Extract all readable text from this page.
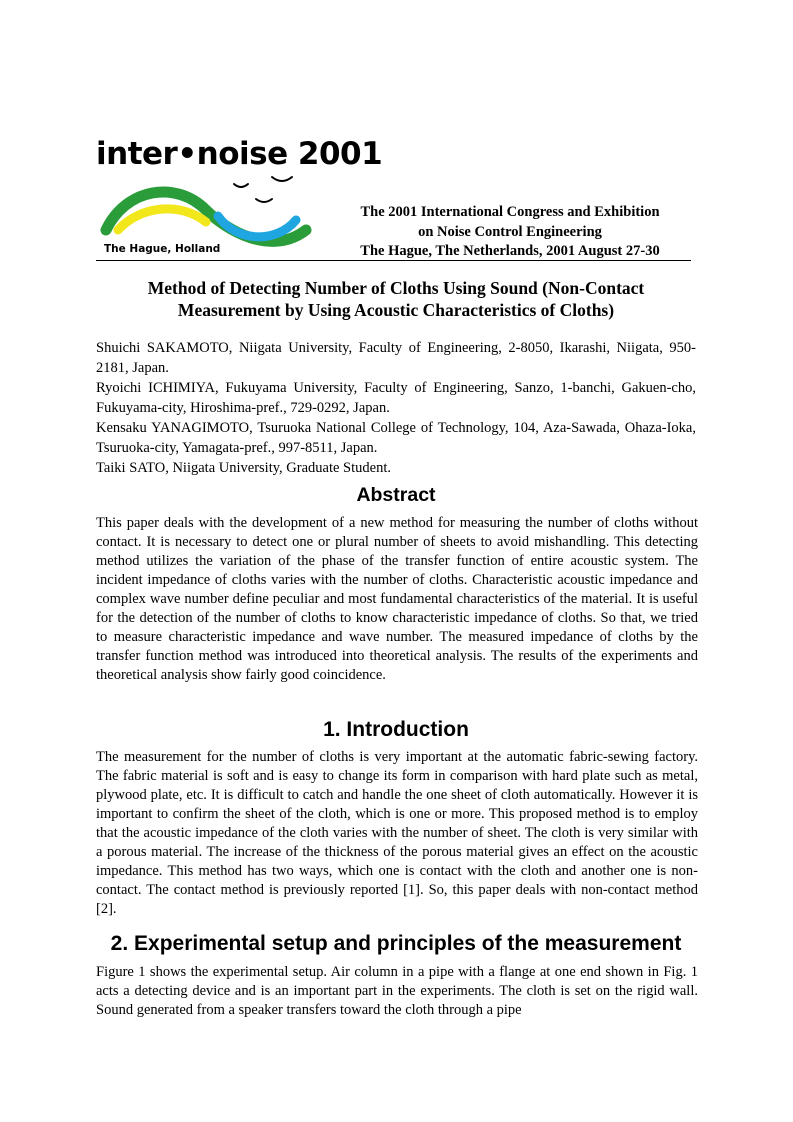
inter•noise 2001
The Hague, Holland
The 2001 International Congress and Exhibition
on Noise Control Engineering
The Hague, The Netherlands, 2001 August 27-30
Method of Detecting Number of Cloths Using Sound (Non-Contact
Measurement by Using Acoustic Characteristics of Cloths)
Shuichi SAKAMOTO, Niigata University, Faculty of Engineering, 2-8050, Ikarashi, Niigata, 950-2181, Japan.
Ryoichi ICHIMIYA, Fukuyama University, Faculty of Engineering, Sanzo, 1-banchi, Gakuen-cho, Fukuyama-city, Hiroshima-pref., 729-0292, Japan.
Kensaku YANAGIMOTO, Tsuruoka National College of Technology, 104, Aza-Sawada, Ohaza-Ioka, Tsuruoka-city, Yamagata-pref., 997-8511, Japan.
Taiki SATO, Niigata University, Graduate Student.
Abstract

This paper deals with the development of a new method for measuring the number of cloths without contact. It is necessary to detect one or plural number of sheets to avoid mishandling. This detecting method utilizes the variation of the phase of the transfer function of entire acoustic system. The incident impedance of cloths varies with the number of cloths. Characteristic acoustic impedance and complex wave number define peculiar and most fundamental characteristics of the material. It is useful for the detection of the number of cloths to know characteristic impedance of cloths. So that, we tried to measure characteristic impedance and wave number. The measured impedance of cloths by the transfer function method was introduced into theoretical analysis. The results of the experiments and theoretical analysis show fairly good coincidence.

1. Introduction

The measurement for the number of cloths is very important at the automatic fabric-sewing factory. The fabric material is soft and is easy to change its form in comparison with hard plate such as metal, plywood plate, etc. It is difficult to catch and handle the one sheet of cloth automatically. However it is important to confirm the sheet of the cloth, which is one or more. This proposed method is to employ that the acoustic impedance of the cloth varies with the number of sheet. The cloth is very similar with a porous material. The increase of the thickness of the porous material gives an effect on the acoustic impedance. This method has two ways, which one is contact with the cloth and another one is non-contact. The contact method is previously reported [1]. So, this paper deals with non-contact method [2].

2. Experimental setup and principles of the measurement

Figure 1 shows the experimental setup. Air column in a pipe with a flange at one end shown in Fig. 1 acts a detecting device and is an important part in the experiments. The cloth is set on the rigid wall. Sound generated from a speaker transfers toward the cloth through a pipe
